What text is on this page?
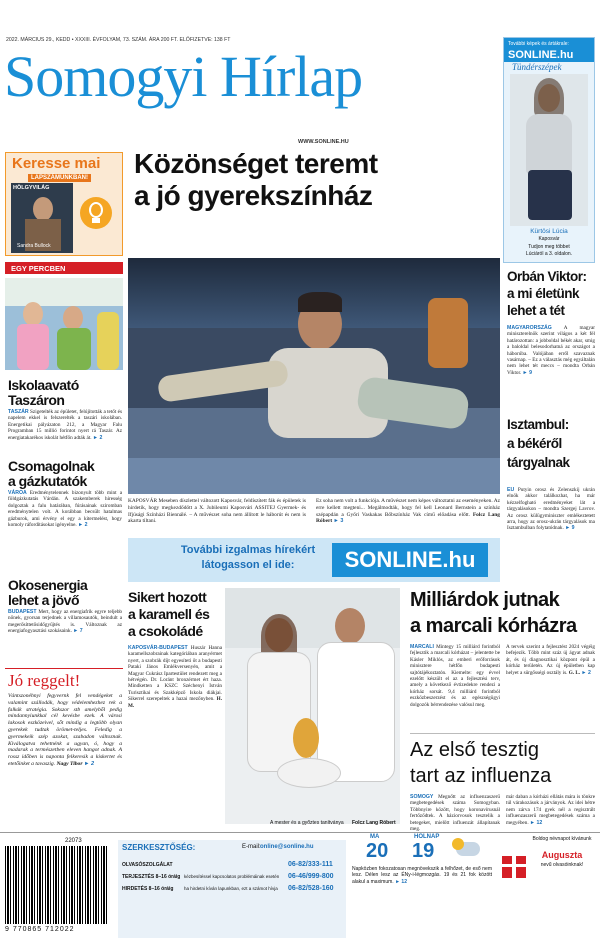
2022. MÁRCIUS 29., KEDD • XXXIII. ÉVFOLYAM, 73. SZÁM. ÁRA 200 FT. ELŐFIZETVE: 138 FT
Somogyi Hírlap
WWW.SONLINE.HU
További képek és ártákrale:
SONLINE.hu
Tündérszépek
Kürtösi Lúcia
Kaposvár
Tudjon meg többet
Lúciáról a 3. oldalon.
Keresse mai
LAPSZÁMUNKBAN!
HÖLGYVILÁG
Sandra Bullock
Közönséget teremt
a jó gyerekszínház
KAPOSVÁR Meseben díszlettel változott Kaposvár, feldíszített fák és épületek is hirdetik, hogy megkezdődött a X. Jubileumi Kaposvári ASSITEJ Gyermek- és Ifjúsági Színházi Biennálé. – A művészet soha nem állított le háborút és nem is akarta tiltani.
Ez soha nem volt a funkciója. A művészet nem képes változtatni az eseményeken. Az erre kellett megteni... Megálmodták, hogy fel kell Leonard Bernstein a színház szépapdán a Győri Vaskakas Bőbszínház Vak című előadása előtt. Folcz Lang Róbert ► 3
További izgalmas hírekért
látogasson el ide:	SONLINE.hu
EGY PERCBEN
Iskolaavató
Taszáron
TASZÁR Szigetelték az épületet, felújították a tetőt és napelem ekkel is felszerelték a taszári iskolában. Energetikai pályázaton 212, a Magyar Falu Programban 15 millió forintot nyert rá Taszár. Az energiatakarékos iskolát hétfőn adták át. ► 2
Csomagolnak
a gázkutatók
VÁROA Eredménytelennek bizonyult több mint a földgázkutatás Várdán. A szakemberek hiresség dolgoztak a falu határában, fúrásainak sziromban eredménytelen volt. A korábban becsült hatalmas gázburok, ami érvény el egy a kitermelést, hogy komoly ráfordításokat igényelne. ► 2
Okosenergia
lehet a jövő
BUDAPEST Mert, hogy az energiafrik egyre teljebb nőnek, gyorsan terjednek a villamosautók, beindult a megerősíttetősidőgyűjtés is. Változnak az energiafogyasztási szokásaink. ► 7
Jó reggelt!
Vántszonéhnyi fegyvernk fel vendégeket a valamint szállodák, hogy védelemhezhez rek a falkák stratégia. Sokszor stb amelyből pedig mindannyiunkkal cél kevésbe ezek. A városi lakosok eszközeivel, sőt mindig a legtöbb olyan gyerekek tudtak örömet-teljes. Feledig a gyermekeik szép azokat, szabadon változnak. Kiválogatva tehetnénk a ugyan, ó, hogy a madarak a természetben eleven hangot adnak. A rossz időben is naponta felkeresik a kiskertet és etetőinket a tavaszig. Nagy Tibor ► 2
Orbán Viktor:
a mi életünk
lehet a tét
MAGYARORSZÁG A magyar miniszterelnök szerint világos a két fél határozottan: a jobboldal békét akar, smig a baloldal belesodorhatná az országot a háborúba. Valójában erről szavaznak vasárnap. – Ez a választás még egyáltalán nem lehet tét meccs – mondta Orbán Viktor. ► 9
Isztambul:
a békéről
tárgyalnak
EU Putyin orosz és Zelenszkij ukrán elnök akkor találkozhat, ha már kézzelfogható eredményeket lát a tárgyalásokon – mondta Szergej Lavrov. Az orosz külügyminiszter emlékeztetett arra, hogy az orosz-ukrán tárgyalások ma Isztambulban folytatódnak. ► 9
Sikert hozott
a karamell és
a csokoládé
KAPOSVÁR-BUDAPEST Huszár Hanna karamellszobrainak kategóriában aranyérmet nyert, a szobrák díjt egyesíteti őt a budapesti Pataki János Emlékversenyén, amit a Magyar Cukrász Ipartestület rendezett meg a hétvégén. Dr. Loránt bronzérmet ért haza. Mindketten a KSZC Széchenyi István Turisztikai és Szakképző Iskola diákjai. Sikerrel szerepeltek a hazai mezőnyben. H. M.
A mester és a győztes tanítványa Folcz Lang Róbert
Milliárdok jutnak
a marcali kórházra
MARCALI Mintegy 15 milliárd forintból fejlesztik a marcali kórházat – jelentette be Kásler Miklós, az emberi erőforrások minisztere hétfőn budapesti sajtótájékoztatón. Kiemelte: egy évvel ezelőtt készült el az a fejlesztési terv, amely a következő évtizedekre rendezi a kórház sorsát. 9,4 milliárd forintból eszközbeszerzést és az egészségügyi dolgozók bérrendezése valósul meg.
A tervek szerint a fejlesztést 2024 végéig befejezik. Több mint száz új ágyat adnak át, és új diagnosztikai központ épül a kórház területén. Az új épületben kap helyet a sürgősségi osztály is. G. L. ► 2
Az első tesztig
tart az influenza
SOMOGY Megnőtt az influenzaszerű megbetegedések száma Somogyban. Többnyire között, hogy koronavírusnál fertőződtek. A háziorvosok tesztelik a betegeket, mielőtt influenzát állapítanak meg.
már daban a kórházi ellátás mára is tönkre túl várakozások a járványok. Az idei hétre nem zárva 174 gyek nél a regisztrált influenzaszerű megbetegedések száma a megyében. ► 12
22073
9 770865 712022
SZERKESZTŐSÉG:	E-mail: online@sonline.hu
OLVASÓSZOLGÁLAT	06-82/333-111
TERJESZTÉS 8–16 óráig kézbesítéssel kapcsolatos problémáinak esetén 06-46/999-800
HIRDETÉS 8–16 óráig ha hirdetni kíván lapunkban, ezt a számot hívja 06-82/528-160
MA
20
HOLNAP
19
Napközben fokozatosan megnövekszik a felhőzet, de eső nem lesz. Délen lesz az ÉNy-i-légmozgás. 19 és 21 fok között alakul a maximum. ► 12
Boldog névnapot kívánunk
Auguszta
nevű olvasóinknak!
